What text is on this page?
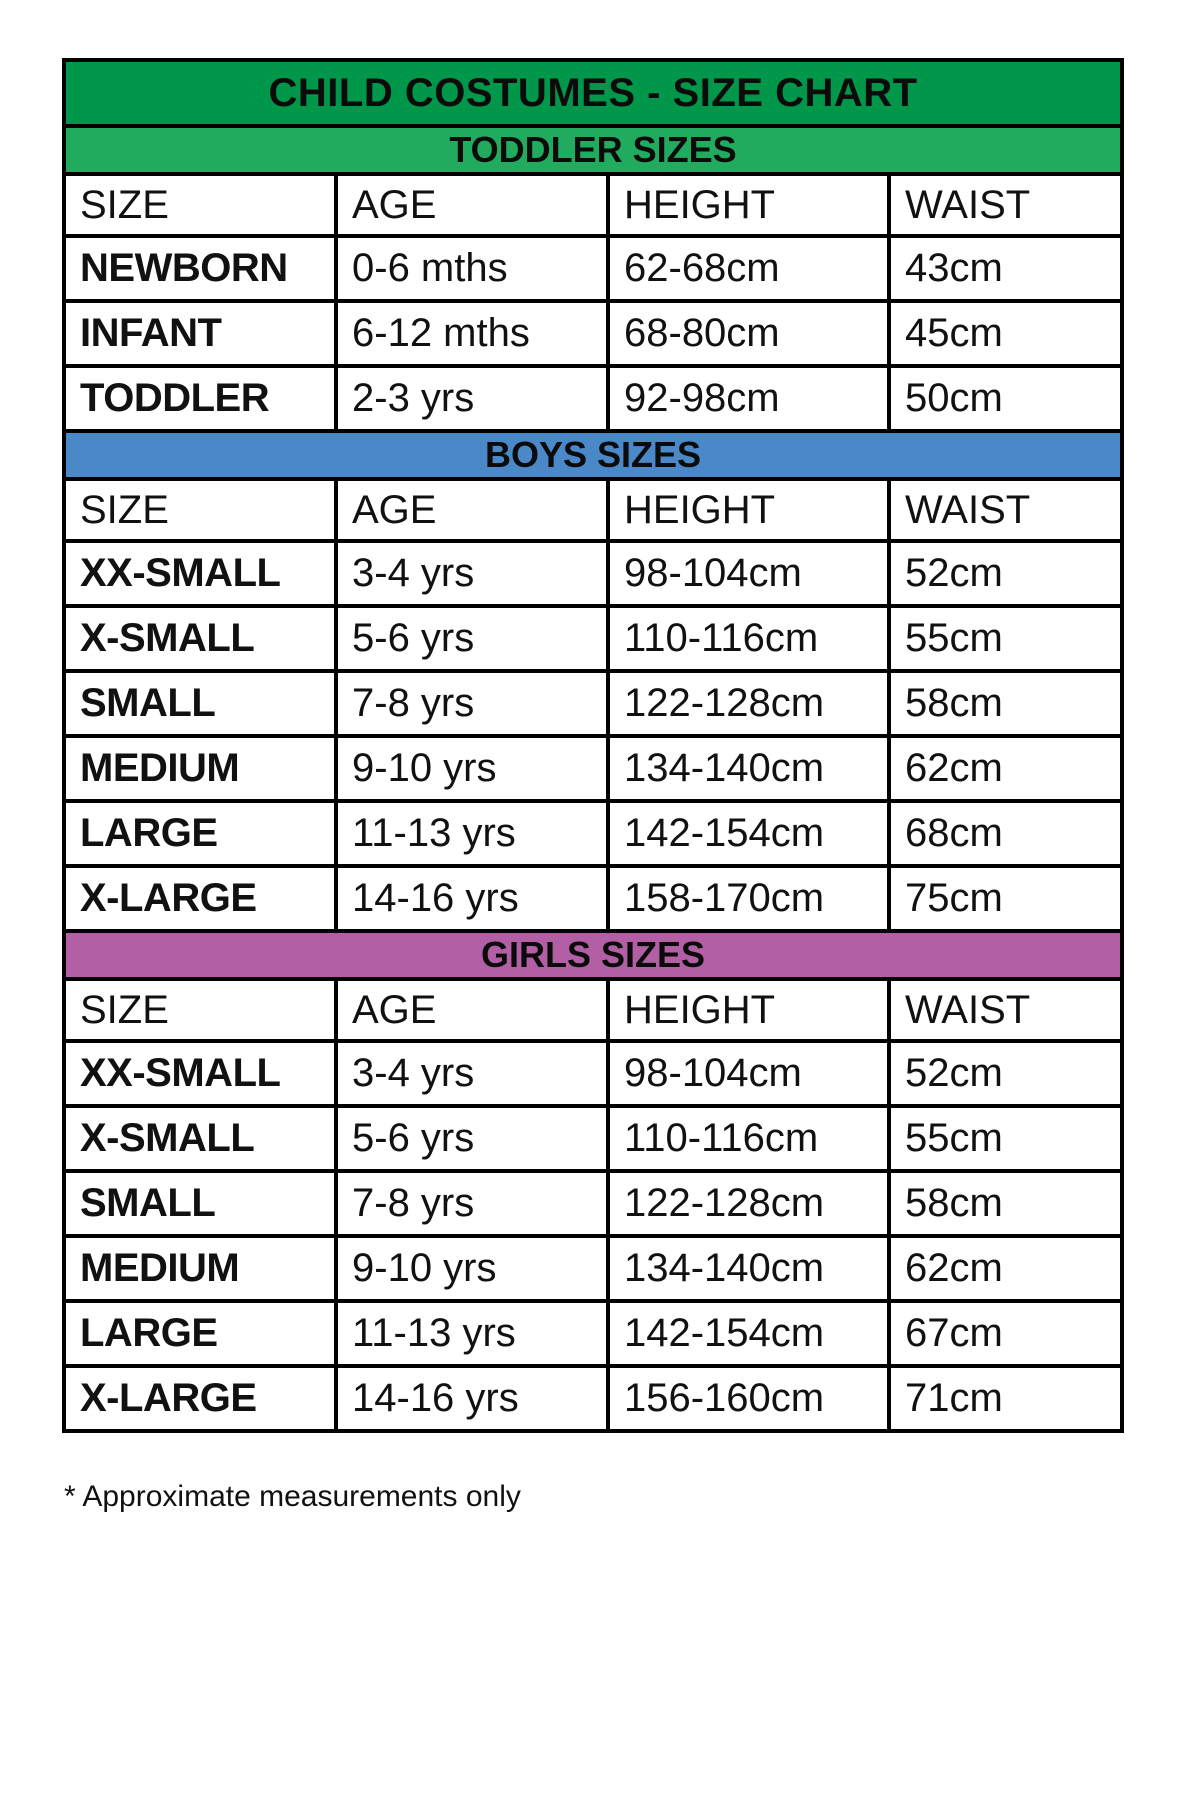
CHILD COSTUMES - SIZE CHART			
TODDLER SIZES			
SIZE	AGE	HEIGHT	WAIST
NEWBORN	0-6 mths	62-68cm	43cm
INFANT	6-12 mths	68-80cm	45cm
TODDLER	2-3 yrs	92-98cm	50cm
BOYS SIZES			
SIZE	AGE	HEIGHT	WAIST
XX-SMALL	3-4 yrs	98-104cm	52cm
X-SMALL	5-6 yrs	110-116cm	55cm
SMALL	7-8 yrs	122-128cm	58cm
MEDIUM	9-10 yrs	134-140cm	62cm
LARGE	11-13 yrs	142-154cm	68cm
X-LARGE	14-16 yrs	158-170cm	75cm
GIRLS SIZES			
SIZE	AGE	HEIGHT	WAIST
XX-SMALL	3-4 yrs	98-104cm	52cm
X-SMALL	5-6 yrs	110-116cm	55cm
SMALL	7-8 yrs	122-128cm	58cm
MEDIUM	9-10 yrs	134-140cm	62cm
LARGE	11-13 yrs	142-154cm	67cm
X-LARGE	14-16 yrs	156-160cm	71cm
* Approximate measurements only
